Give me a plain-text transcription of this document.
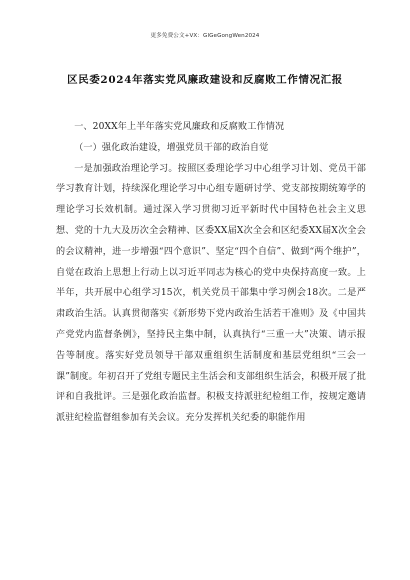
更多免费公文+VX：GlGeGongWen2024
区民委2024年落实党风廉政建设和反腐败工作情况汇报

一、20XX年上半年落实党风廉政和反腐败工作情况

（一）强化政治建设，增强党员干部的政治自觉

一是加强政治理论学习。按照区委理论学习中心组学习计划、党员干部学习教育计划，持续深化理论学习中心组专题研讨学、党支部按期统筹学的理论学习长效机制。通过深入学习贯彻习近平新时代中国特色社会主义思想、党的十九大及历次全会精神、区委XX届X次全会和区纪委XX届X次全会的会议精神，进一步增强“四个意识”、坚定“四个自信”、做到“两个维护”，自觉在政治上思想上行动上以习近平同志为核心的党中央保持高度一致。上半年，共开展中心组学习15次，机关党员干部集中学习例会18次。二是严肃政治生活。认真贯彻落实《新形势下党内政治生活若干准则》及《中国共产党党内监督条例》，坚持民主集中制，认真执行“三重一大”决策、请示报告等制度。落实好党员领导干部双重组织生活制度和基层党组织“三会一课”制度。年初召开了党组专题民主生活会和支部组织生活会，积极开展了批评和自我批评。三是强化政治监督。积极支持派驻纪检组工作，按规定邀请派驻纪检监督组参加有关会议。充分发挥机关纪委的职能作用
